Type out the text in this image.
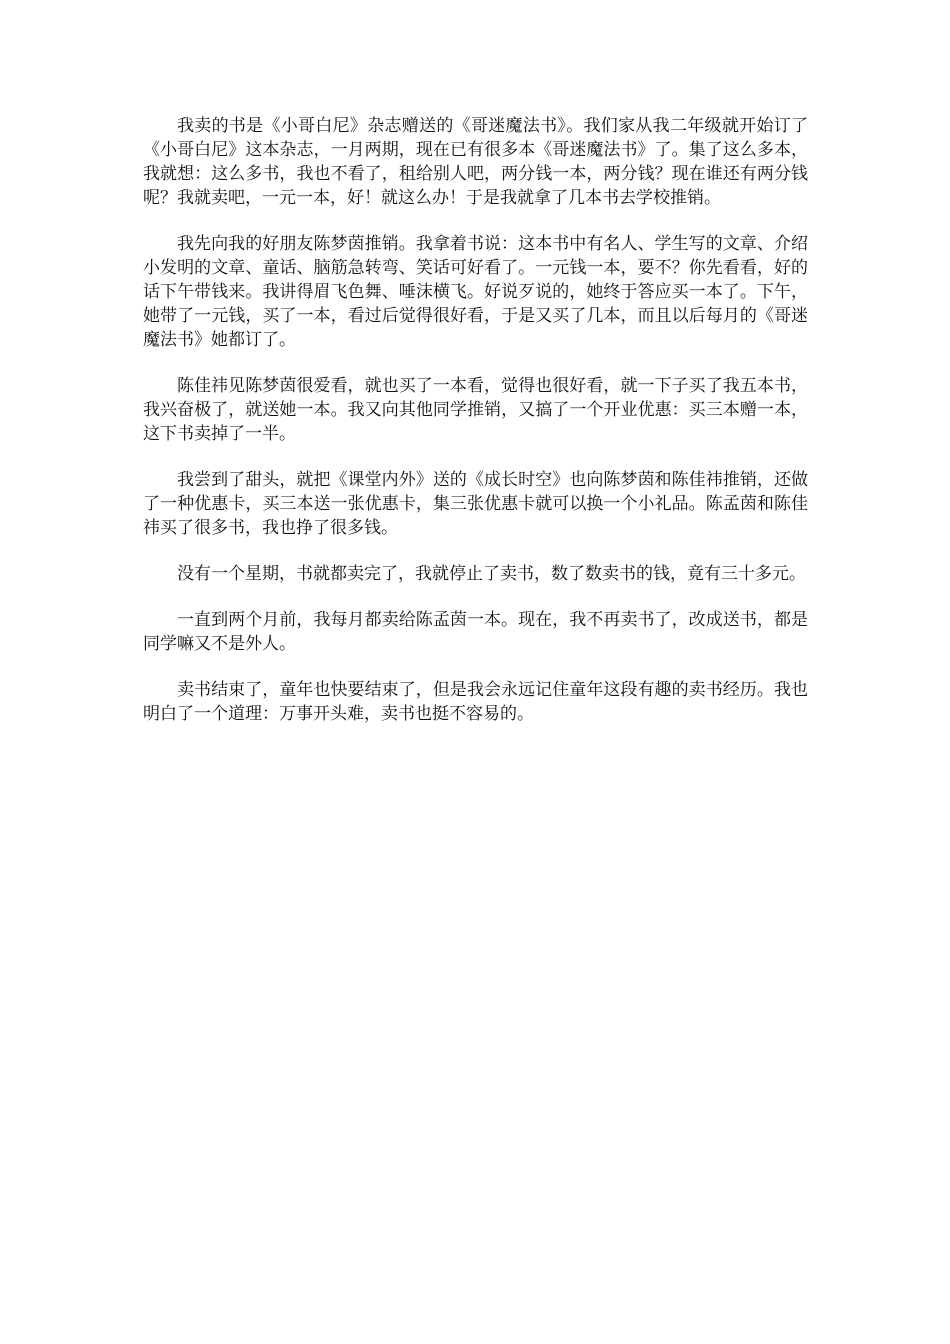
我卖的书是《小哥白尼》杂志赠送的《哥迷魔法书》。我们家从我二年级就开始订了《小哥白尼》这本杂志，一月两期，现在已有很多本《哥迷魔法书》了。集了这么多本，我就想：这么多书，我也不看了，租给别人吧，两分钱一本，两分钱？现在谁还有两分钱呢？我就卖吧，一元一本，好！就这么办！于是我就拿了几本书去学校推销。

我先向我的好朋友陈梦茵推销。我拿着书说：这本书中有名人、学生写的文章、介绍小发明的文章、童话、脑筋急转弯、笑话可好看了。一元钱一本，要不？你先看看，好的话下午带钱来。我讲得眉飞色舞、唾沫横飞。好说歹说的，她终于答应买一本了。下午，她带了一元钱，买了一本，看过后觉得很好看，于是又买了几本，而且以后每月的《哥迷魔法书》她都订了。

陈佳祎见陈梦茵很爱看，就也买了一本看，觉得也很好看，就一下子买了我五本书，我兴奋极了，就送她一本。我又向其他同学推销，又搞了一个开业优惠：买三本赠一本，这下书卖掉了一半。

我尝到了甜头，就把《课堂内外》送的《成长时空》也向陈梦茵和陈佳祎推销，还做了一种优惠卡，买三本送一张优惠卡，集三张优惠卡就可以换一个小礼品。陈孟茵和陈佳祎买了很多书，我也挣了很多钱。

没有一个星期，书就都卖完了，我就停止了卖书，数了数卖书的钱，竟有三十多元。

一直到两个月前，我每月都卖给陈孟茵一本。现在，我不再卖书了，改成送书，都是同学嘛又不是外人。

卖书结束了，童年也快要结束了，但是我会永远记住童年这段有趣的卖书经历。我也明白了一个道理：万事开头难，卖书也挺不容易的。
